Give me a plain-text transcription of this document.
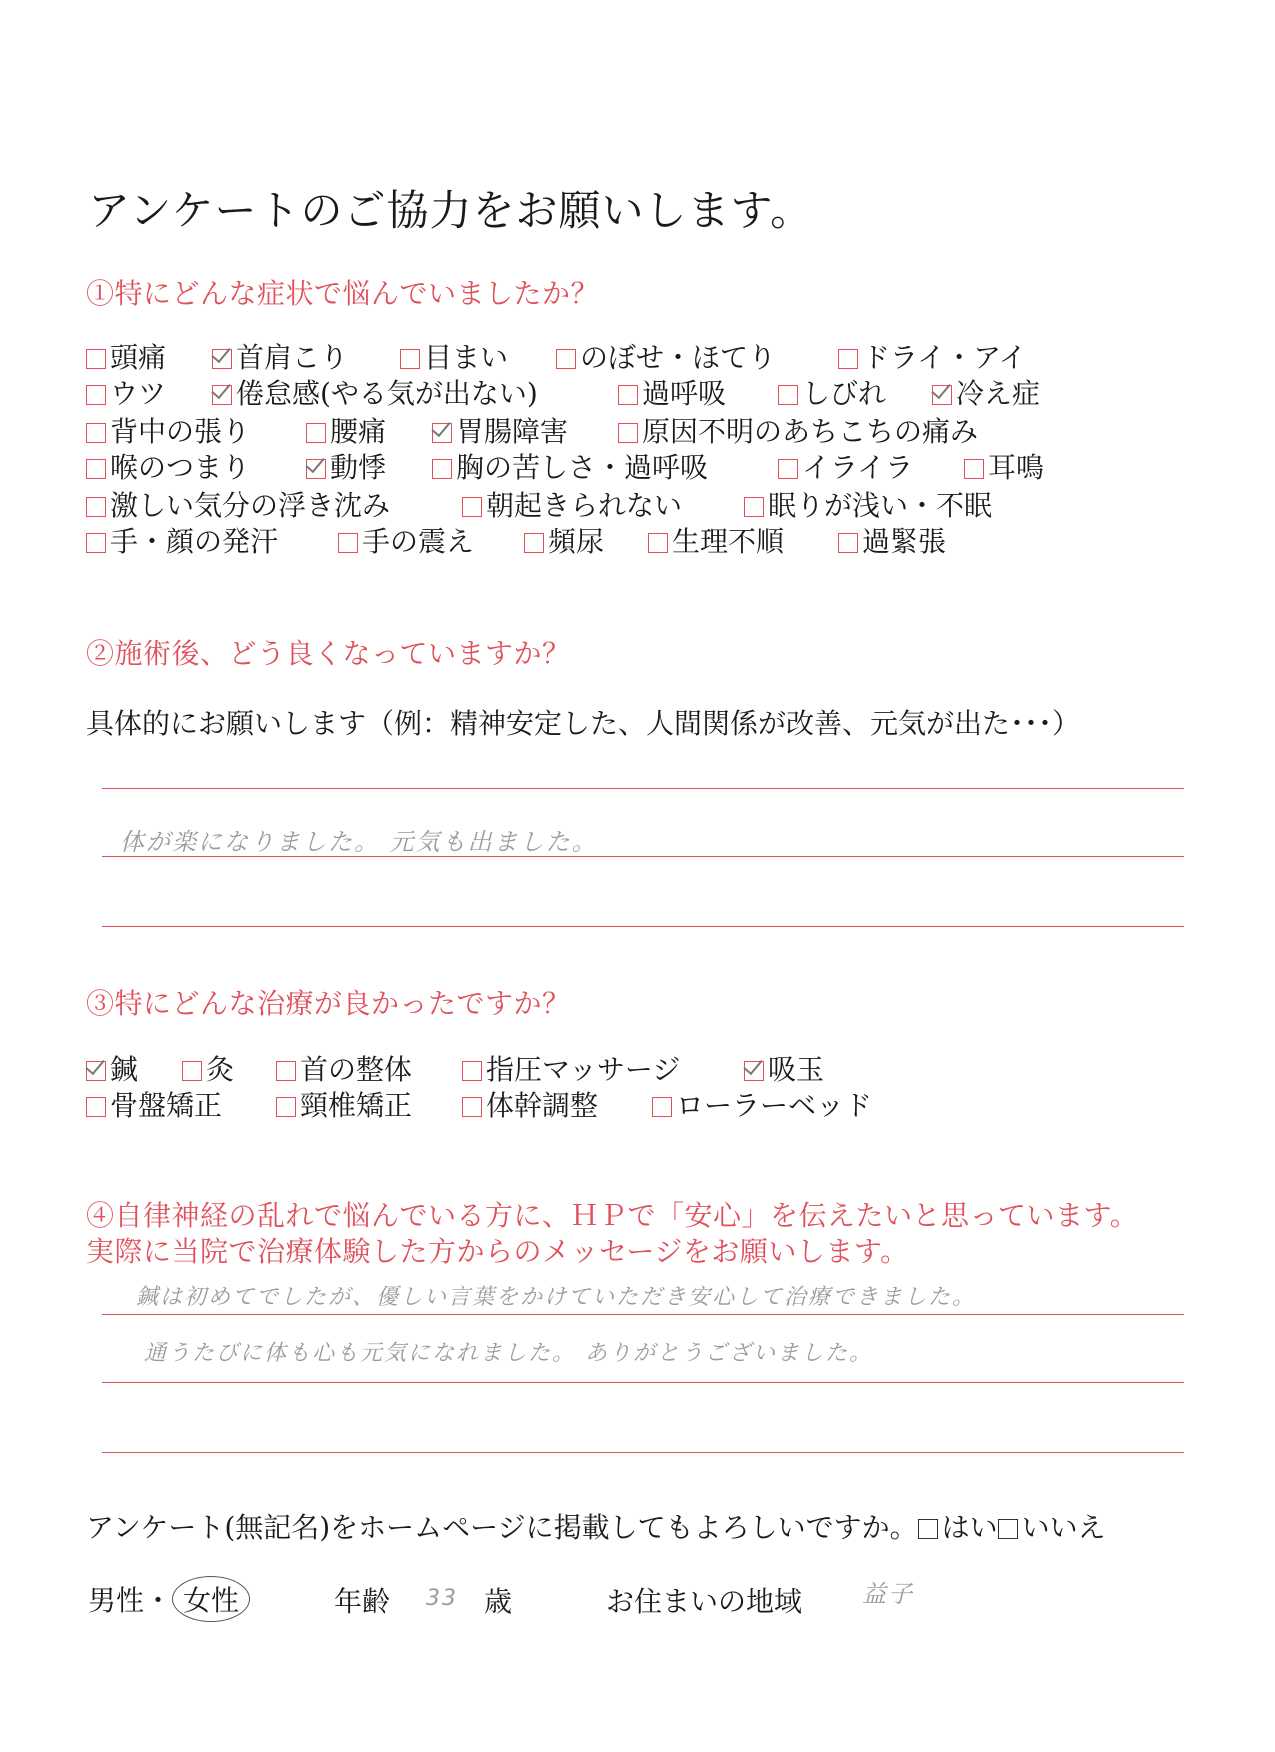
アンケートのご協力をお願いします。
①特にどんな症状で悩んでいましたか？
頭痛	首肩こり	目まい	のぼせ・ほてり	ドライ・アイ
ウツ	倦怠感(やる気が出ない)	過呼吸	しびれ	冷え症
背中の張り	腰痛	胃腸障害	原因不明のあちこちの痛み
喉のつまり	動悸	胸の苦しさ・過呼吸	イライラ	耳鳴
激しい気分の浮き沈み	朝起きられない	眠りが浅い・不眠
手・顔の発汗	手の震え	頻尿	生理不順	過緊張
②施術後、どう良くなっていますか？
具体的にお願いします（例：精神安定した、人間関係が改善、元気が出た･･･）
体が楽になりました。 元気も出ました。
③特にどんな治療が良かったですか？
鍼	灸	首の整体	指圧マッサージ	吸玉
骨盤矯正	頸椎矯正	体幹調整	ローラーベッド
④自律神経の乱れで悩んでいる方に、ＨＰで「安心」を伝えたいと思っています。
実際に当院で治療体験した方からのメッセージをお願いします。
鍼は初めてでしたが、優しい言葉をかけていただき安心して治療できました。
通うたびに体も心も元気になれました。 ありがとうございました。
アンケート(無記名)をホームページに掲載してもよろしいですか。 はい いいえ
男性・ 女性	年齢 33 歳	お住まいの地域 益子
